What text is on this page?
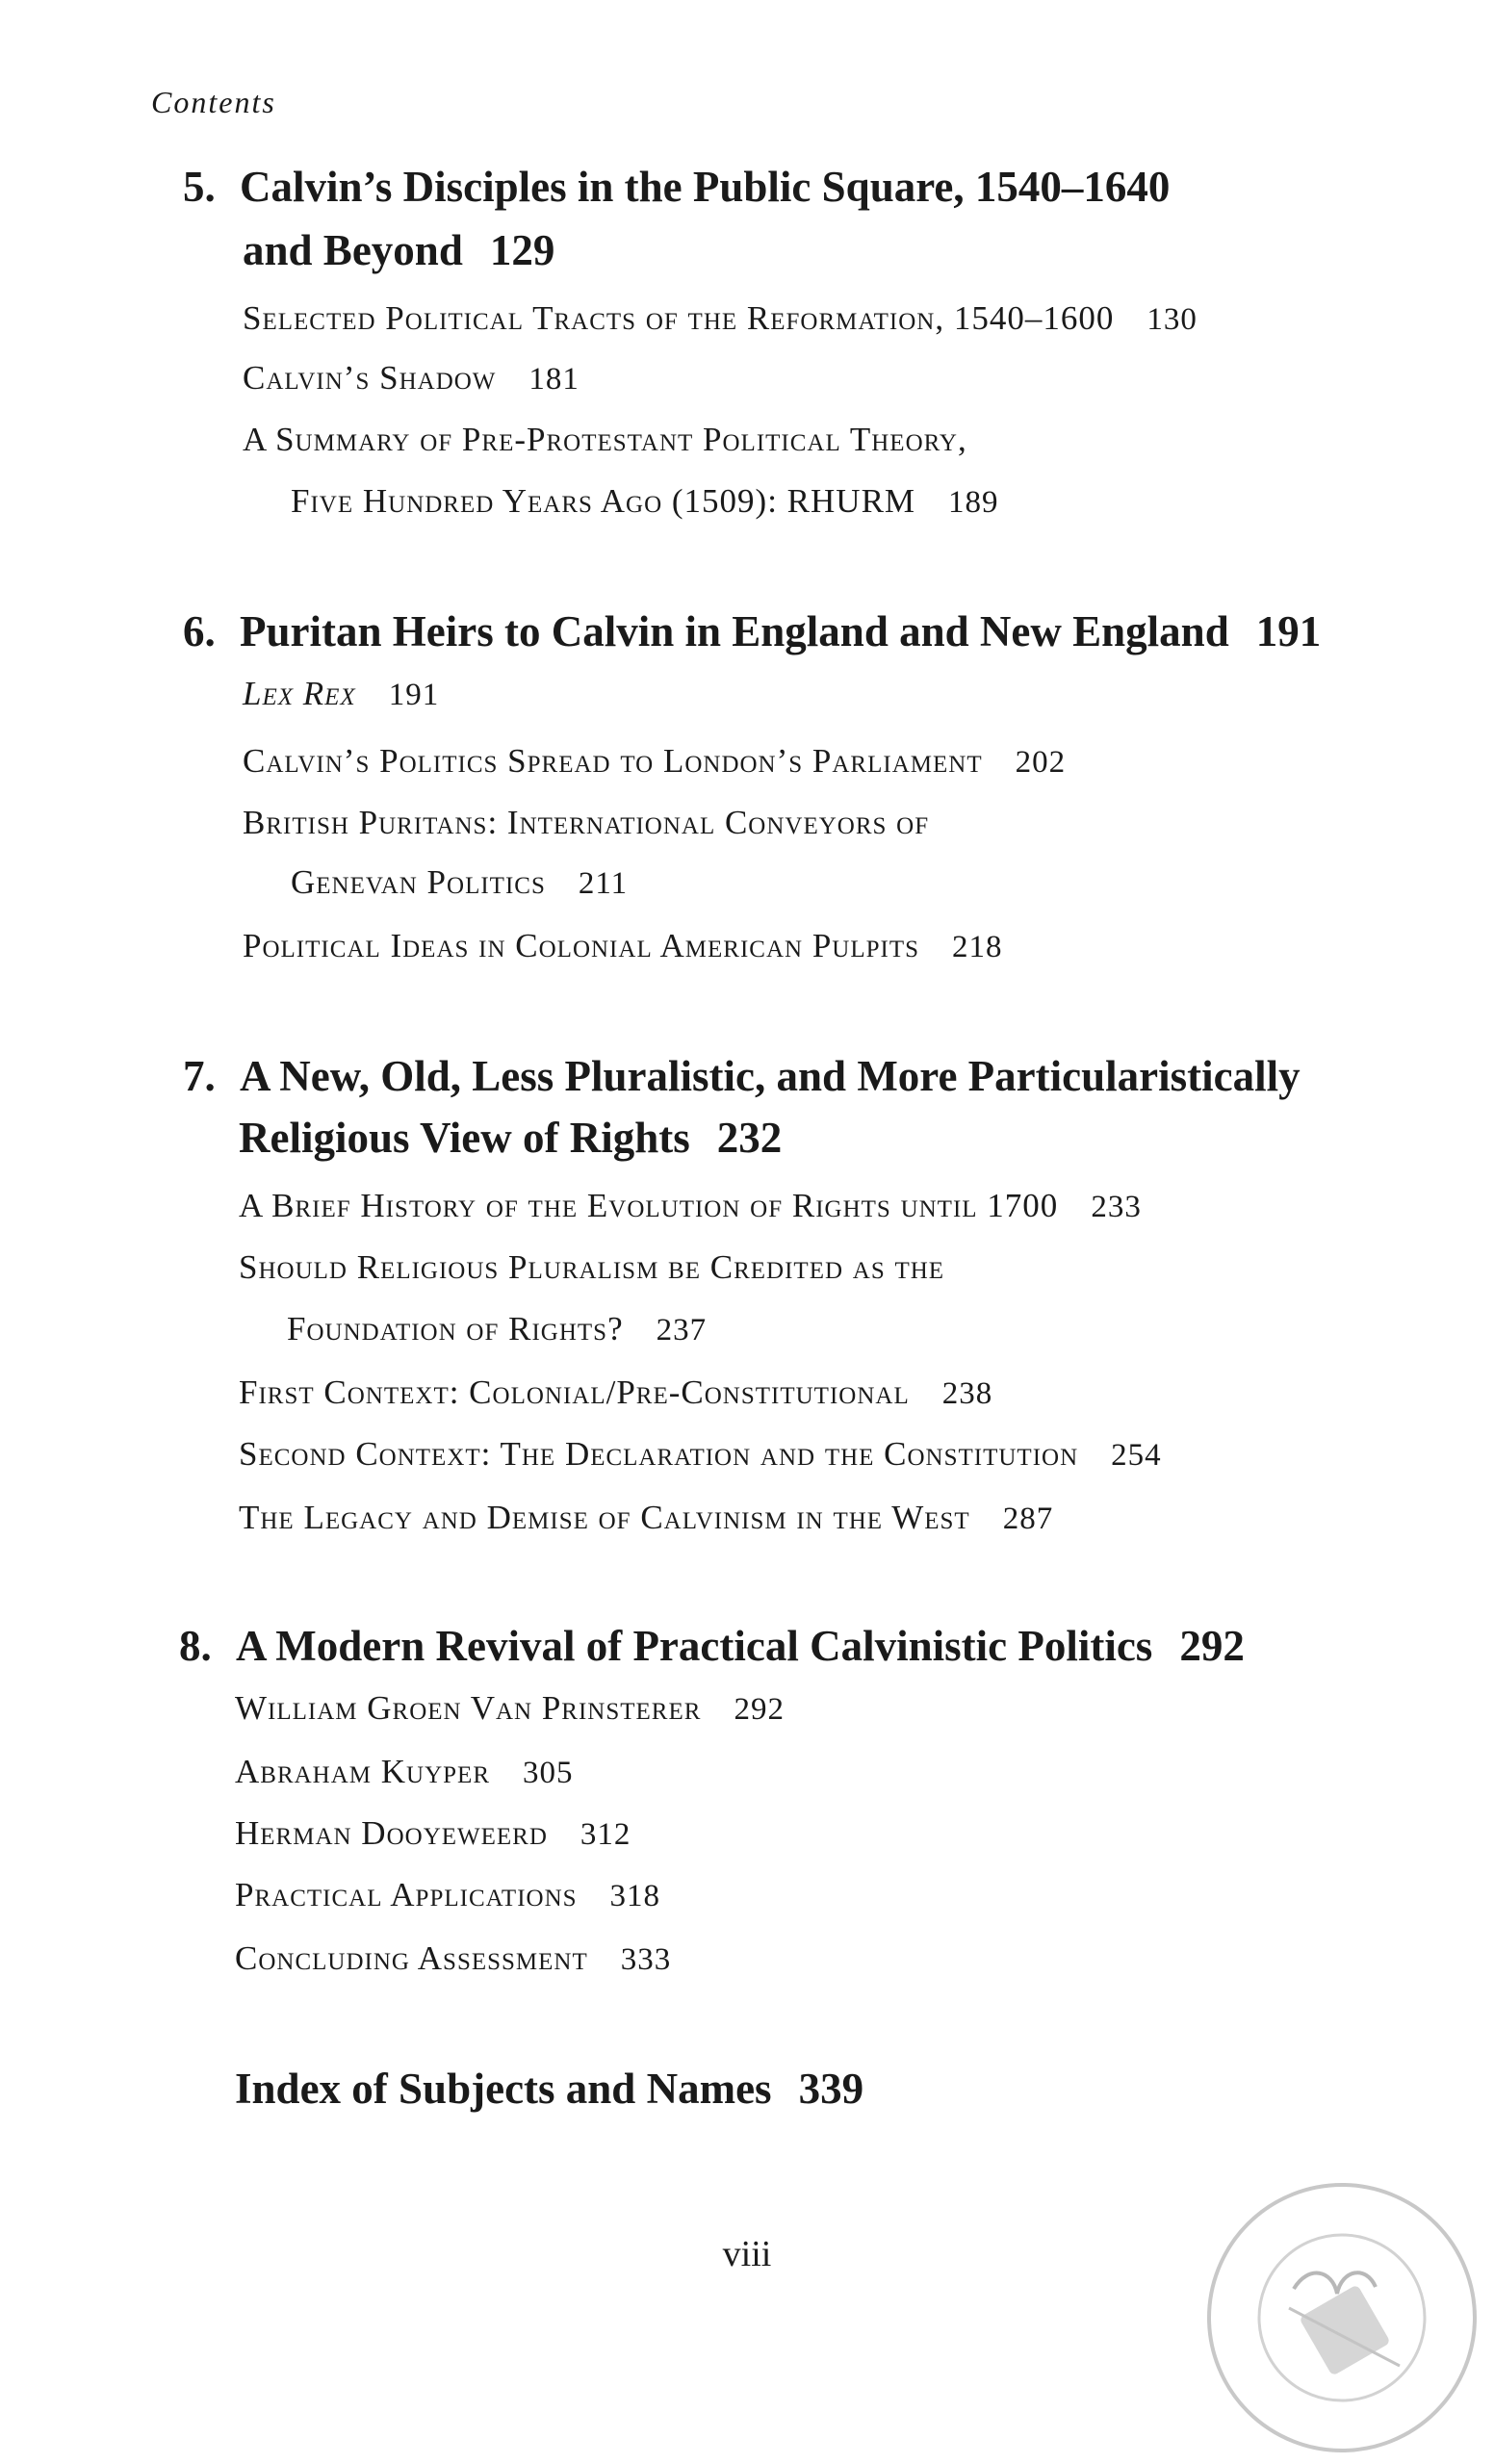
Contents
5. Calvin’s Disciples in the Public Square, 1540–1640
and Beyond 129
Selected Political Tracts of the Reformation, 1540–1600 130
Calvin’s Shadow 181
A Summary of Pre-Protestant Political Theory,
Five Hundred Years Ago (1509): RHURM 189
6. Puritan Heirs to Calvin in England and New England 191
Lex Rex 191
Calvin’s Politics Spread to London’s Parliament 202
British Puritans: International Conveyors of
Genevan Politics 211
Political Ideas in Colonial American Pulpits 218
7. A New, Old, Less Pluralistic, and More Particularistically
Religious View of Rights 232
A Brief History of the Evolution of Rights until 1700 233
Should Religious Pluralism be Credited as the
Foundation of Rights? 237
First Context: Colonial/Pre-Constitutional 238
Second Context: The Declaration and the Constitution 254
The Legacy and Demise of Calvinism in the West 287
8. A Modern Revival of Practical Calvinistic Politics 292
William Groen Van Prinsterer 292
Abraham Kuyper 305
Herman Dooyeweerd 312
Practical Applications 318
Concluding Assessment 333
Index of Subjects and Names 339
viii
